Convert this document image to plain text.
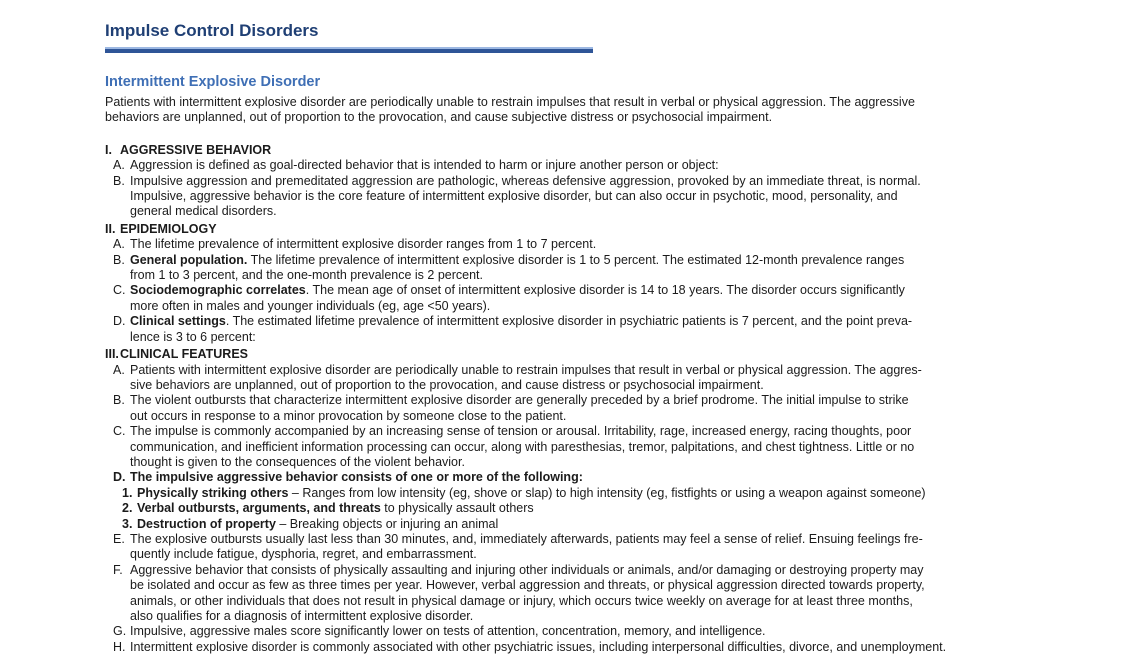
Impulse Control Disorders
Intermittent Explosive Disorder
Patients with intermittent explosive disorder are periodically unable to restrain impulses that result in verbal or physical aggression. The aggressive
behaviors are unplanned, out of proportion to the provocation, and cause subjective distress or psychosocial impairment.
I. AGGRESSIVE BEHAVIOR
A. Aggression is defined as goal-directed behavior that is intended to harm or injure another person or object:
B. Impulsive aggression and premeditated aggression are pathologic, whereas defensive aggression, provoked by an immediate threat, is normal.
Impulsive, aggressive behavior is the core feature of intermittent explosive disorder, but can also occur in psychotic, mood, personality, and
general medical disorders.
II. EPIDEMIOLOGY
A. The lifetime prevalence of intermittent explosive disorder ranges from 1 to 7 percent.
B. General population. The lifetime prevalence of intermittent explosive disorder is 1 to 5 percent. The estimated 12-month prevalence ranges
from 1 to 3 percent, and the one-month prevalence is 2 percent.
C. Sociodemographic correlates. The mean age of onset of intermittent explosive disorder is 14 to 18 years. The disorder occurs significantly
more often in males and younger individuals (eg, age <50 years).
D. Clinical settings. The estimated lifetime prevalence of intermittent explosive disorder in psychiatric patients is 7 percent, and the point preva-
lence is 3 to 6 percent:
III.CLINICAL FEATURES
A. Patients with intermittent explosive disorder are periodically unable to restrain impulses that result in verbal or physical aggression. The aggres-
sive behaviors are unplanned, out of proportion to the provocation, and cause distress or psychosocial impairment.
B. The violent outbursts that characterize intermittent explosive disorder are generally preceded by a brief prodrome. The initial impulse to strike
out occurs in response to a minor provocation by someone close to the patient.
C. The impulse is commonly accompanied by an increasing sense of tension or arousal. Irritability, rage, increased energy, racing thoughts, poor
communication, and inefficient information processing can occur, along with paresthesias, tremor, palpitations, and chest tightness. Little or no
thought is given to the consequences of the violent behavior.
D. The impulsive aggressive behavior consists of one or more of the following:
1. Physically striking others – Ranges from low intensity (eg, shove or slap) to high intensity (eg, fistfights or using a weapon against someone)
2. Verbal outbursts, arguments, and threats to physically assault others
3. Destruction of property – Breaking objects or injuring an animal
E. The explosive outbursts usually last less than 30 minutes, and, immediately afterwards, patients may feel a sense of relief. Ensuing feelings fre-
quently include fatigue, dysphoria, regret, and embarrassment.
F. Aggressive behavior that consists of physically assaulting and injuring other individuals or animals, and/or damaging or destroying property may
be isolated and occur as few as three times per year. However, verbal aggression and threats, or physical aggression directed towards property,
animals, or other individuals that does not result in physical damage or injury, which occurs twice weekly on average for at least three months,
also qualifies for a diagnosis of intermittent explosive disorder.
G. Impulsive, aggressive males score significantly lower on tests of attention, concentration, memory, and intelligence.
H. Intermittent explosive disorder is commonly associated with other psychiatric issues, including interpersonal difficulties, divorce, and unemployment.
